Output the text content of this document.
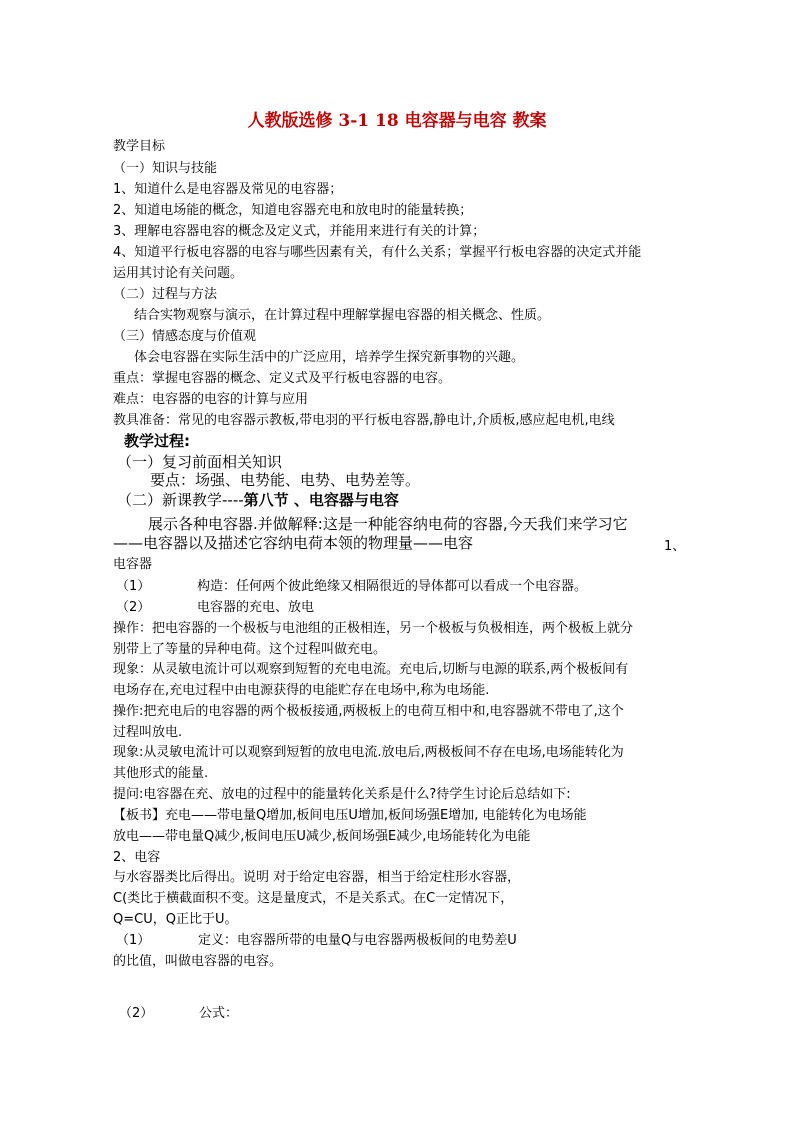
人教版选修 3-1 18 电容器与电容 教案
教学目标
（一）知识与技能
1、知道什么是电容器及常见的电容器；
2、知道电场能的概念，知道电容器充电和放电时的能量转换；
3、理解电容器电容的概念及定义式，并能用来进行有关的计算；
4、知道平行板电容器的电容与哪些因素有关，有什么关系；掌握平行板电容器的决定式并能
运用其讨论有关问题。
（二）过程与方法
　结合实物观察与演示，在计算过程中理解掌握电容器的相关概念、性质。
（三）情感态度与价值观
　体会电容器在实际生活中的广泛应用，培养学生探究新事物的兴趣。
重点：掌握电容器的概念、定义式及平行板电容器的电容。
难点：电容器的电容的计算与应用
教具准备：常见的电容器示教板,带电羽的平行板电容器,静电计,介质板,感应起电机,电线
教学过程:
（一）复习前面相关知识
要点：场强、电势能、电势、电势差等。
（二）新课教学----第八节 、电容器与电容
展示各种电容器.并做解释:这是一种能容纳电荷的容器,今天我们来学习它
——电容器以及描述它容纳电荷本领的物理量——电容	1、
电容器
（1）	构造：任何两个彼此绝缘又相隔很近的导体都可以看成一个电容器。
（2）	电容器的充电、放电
操作：把电容器的一个极板与电池组的正极相连，另一个极板与负极相连，两个极板上就分
别带上了等量的异种电荷。这个过程叫做充电。
现象：从灵敏电流计可以观察到短暂的充电电流。充电后,切断与电源的联系,两个极板间有
电场存在,充电过程中由电源获得的电能贮存在电场中,称为电场能.
操作:把充电后的电容器的两个极板接通,两极板上的电荷互相中和,电容器就不带电了,这个
过程叫放电.
现象:从灵敏电流计可以观察到短暂的放电电流.放电后,两极板间不存在电场,电场能转化为
其他形式的能量.
提问:电容器在充、放电的过程中的能量转化关系是什么?待学生讨论后总结如下:
【板书】充电——带电量Q增加,板间电压U增加,板间场强E增加, 电能转化为电场能
放电——带电量Q减少,板间电压U减少,板间场强E减少,电场能转化为电能
2、电容
与水容器类比后得出。说明 对于给定电容器，相当于给定柱形水容器，
C(类比于横截面积不变。这是量度式，不是关系式。在C一定情况下，
Q=CU，Q正比于U。
（1）	定义：电容器所带的电量Q与电容器两极板间的电势差U
的比值，叫做电容器的电容。
（2）	公式：
